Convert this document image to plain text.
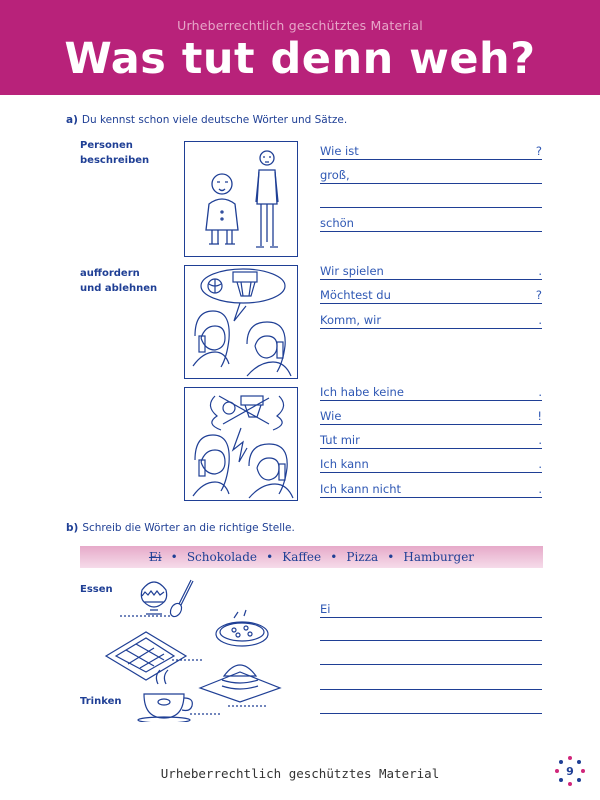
Urheberrechtlich geschütztes Material
Was tut denn weh?
a) Du kennst schon viele deutsche Wörter und Sätze.
Personen
beschreiben
auffordern
und ablehnen
Wie ist	?
groß,
schön
Wir spielen	.
Möchtest du	?
Komm, wir	.
Ich habe keine	.
Wie	!
Tut mir	.
Ich kann	.
Ich kann nicht	.
b) Schreib die Wörter an die richtige Stelle.
Ei • Schokolade • Kaffee • Pizza • Hamburger
Essen
Trinken
Ei
Urheberrechtlich geschütztes Material	9
